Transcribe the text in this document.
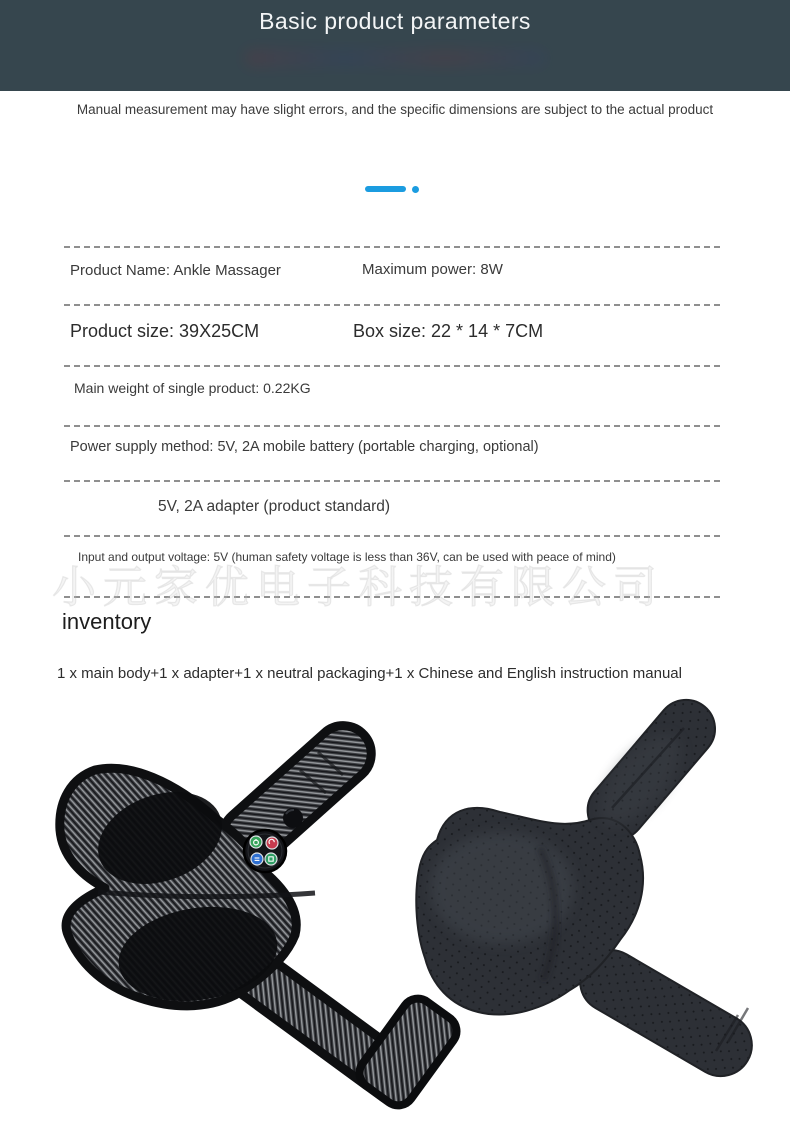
Basic product parameters
Manual measurement may have slight errors, and the specific dimensions are subject to the actual product
Product Name: Ankle Massager	Maximum power: 8W
Product size: 39X25CM	Box size: 22 * 14 * 7CM
Main weight of single product: 0.22KG
Power supply method: 5V, 2A mobile battery (portable charging, optional)
5V, 2A adapter (product standard)
Input and output voltage: 5V (human safety voltage is less than 36V, can be used with peace of mind)
小元家优电子科技有限公司
inventory
1 x main body+1 x adapter+1 x neutral packaging+1 x Chinese and English instruction manual
